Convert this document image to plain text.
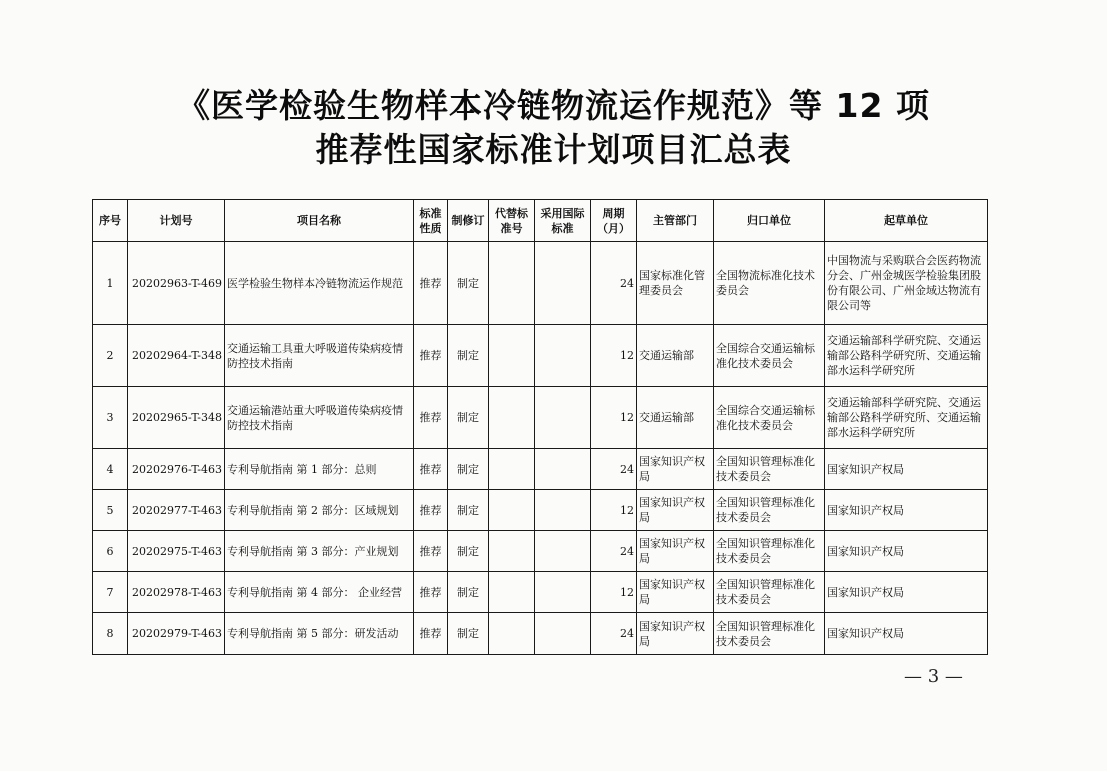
《医学检验生物样本冷链物流运作规范》等 12 项
推荐性国家标准计划项目汇总表
序号	计划号	项目名称	标准性质	制修订	代替标准号	采用国际标准	周期（月）	主管部门	归口单位	起草单位
1	20202963-T-469	医学检验生物样本冷链物流运作规范	推荐	制定			24	国家标准化管理委员会	全国物流标准化技术委员会	中国物流与采购联合会医药物流分会、广州金城医学检验集团股份有限公司、广州金域达物流有限公司等
2	20202964-T-348	交通运输工具重大呼吸道传染病疫情防控技术指南	推荐	制定			12	交通运输部	全国综合交通运输标准化技术委员会	交通运输部科学研究院、交通运输部公路科学研究所、交通运输部水运科学研究所
3	20202965-T-348	交通运输港站重大呼吸道传染病疫情防控技术指南	推荐	制定			12	交通运输部	全国综合交通运输标准化技术委员会	交通运输部科学研究院、交通运输部公路科学研究所、交通运输部水运科学研究所
4	20202976-T-463	专利导航指南 第 1 部分：总则	推荐	制定			24	国家知识产权局	全国知识管理标准化技术委员会	国家知识产权局
5	20202977-T-463	专利导航指南 第 2 部分：区域规划	推荐	制定			12	国家知识产权局	全国知识管理标准化技术委员会	国家知识产权局
6	20202975-T-463	专利导航指南 第 3 部分：产业规划	推荐	制定			24	国家知识产权局	全国知识管理标准化技术委员会	国家知识产权局
7	20202978-T-463	专利导航指南 第 4 部分： 企业经营	推荐	制定			12	国家知识产权局	全国知识管理标准化技术委员会	国家知识产权局
8	20202979-T-463	专利导航指南 第 5 部分：研发活动	推荐	制定			24	国家知识产权局	全国知识管理标准化技术委员会	国家知识产权局
— 3 —
